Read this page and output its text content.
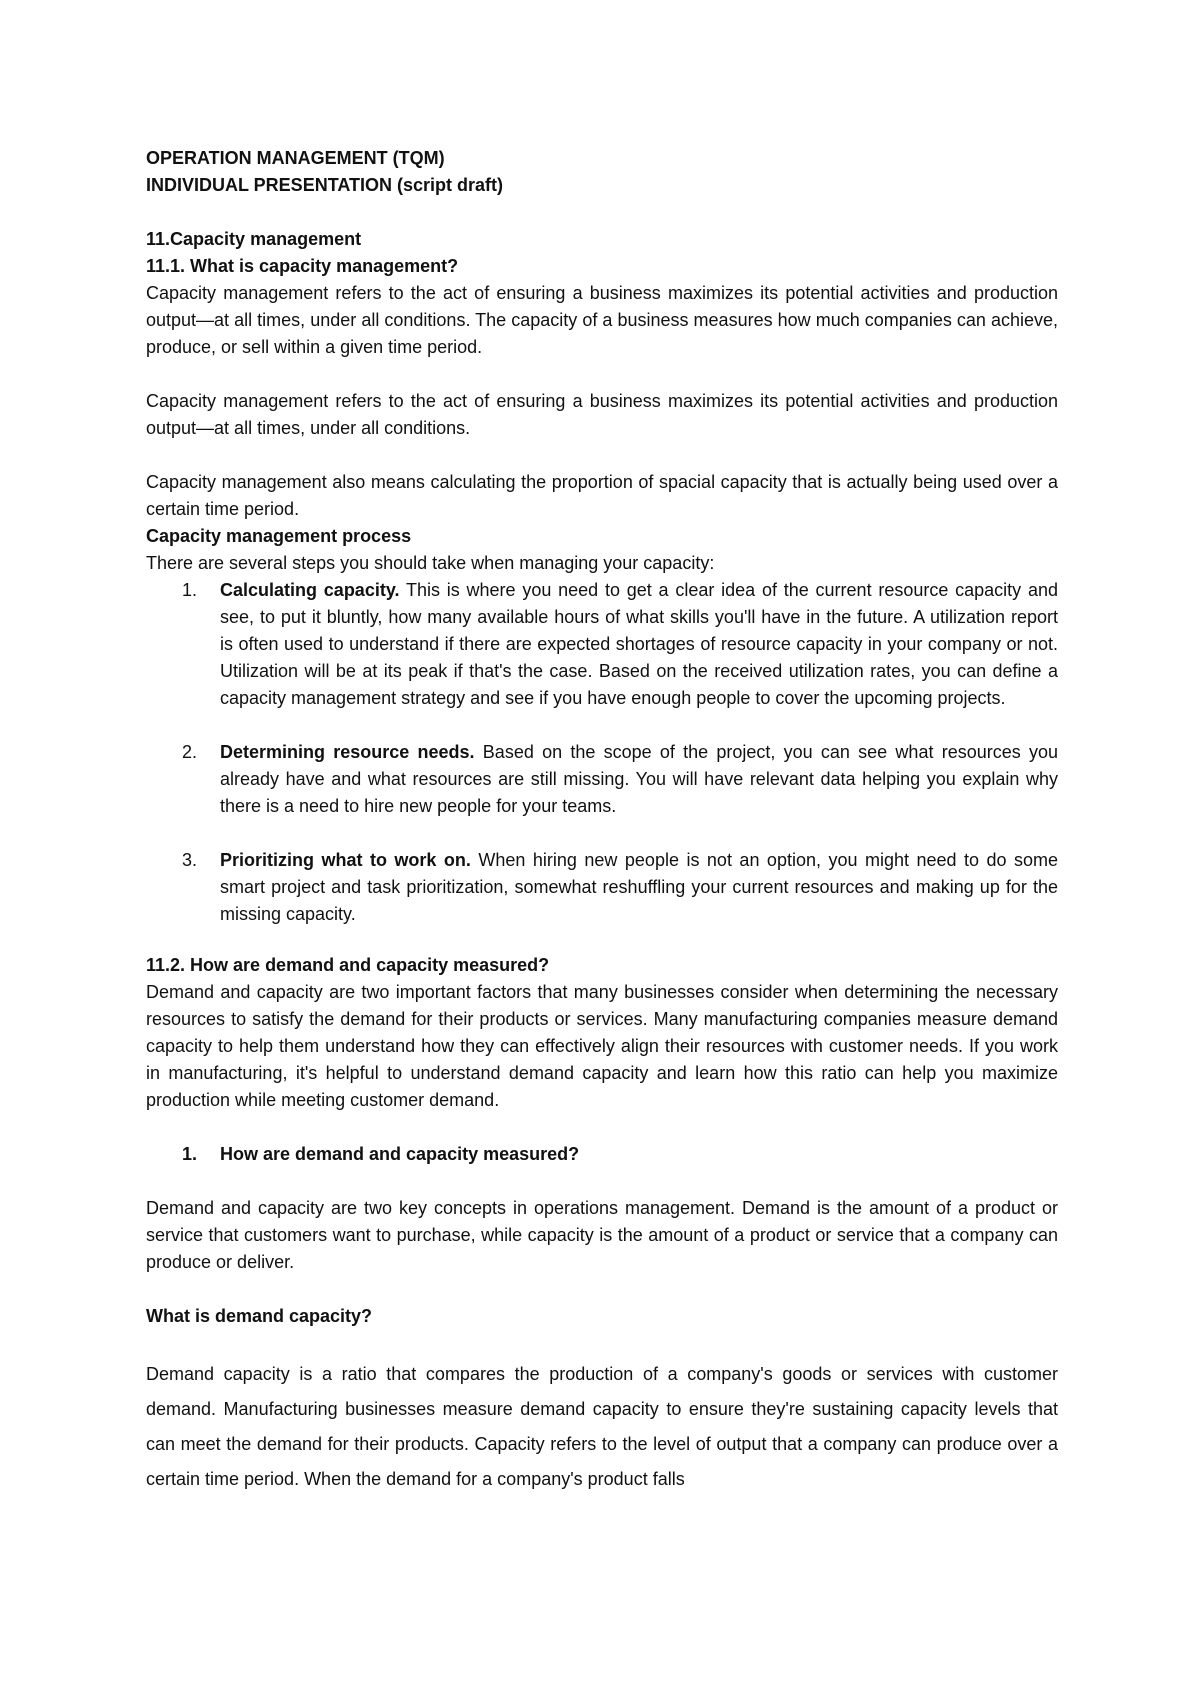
OPERATION MANAGEMENT (TQM)

INDIVIDUAL PRESENTATION (script draft)

11.Capacity management

11.1. What is capacity management?

Capacity management refers to the act of ensuring a business maximizes its potential activities and production output—at all times, under all conditions. The capacity of a business measures how much companies can achieve, produce, or sell within a given time period.

Capacity management refers to the act of ensuring a business maximizes its potential activities and production output—at all times, under all conditions.

Capacity management also means calculating the proportion of spacial capacity that is actually being used over a certain time period.

Capacity management process

There are several steps you should take when managing your capacity:

1. Calculating capacity. This is where you need to get a clear idea of the current resource capacity and see, to put it bluntly, how many available hours of what skills you'll have in the future. A utilization report is often used to understand if there are expected shortages of resource capacity in your company or not. Utilization will be at its peak if that's the case. Based on the received utilization rates, you can define a capacity management strategy and see if you have enough people to cover the upcoming projects.
2. Determining resource needs. Based on the scope of the project, you can see what resources you already have and what resources are still missing. You will have relevant data helping you explain why there is a need to hire new people for your teams.
3. Prioritizing what to work on. When hiring new people is not an option, you might need to do some smart project and task prioritization, somewhat reshuffling your current resources and making up for the missing capacity.

11.2. How are demand and capacity measured?

Demand and capacity are two important factors that many businesses consider when determining the necessary resources to satisfy the demand for their products or services. Many manufacturing companies measure demand capacity to help them understand how they can effectively align their resources with customer needs. If you work in manufacturing, it's helpful to understand demand capacity and learn how this ratio can help you maximize production while meeting customer demand.

1. How are demand and capacity measured?

Demand and capacity are two key concepts in operations management. Demand is the amount of a product or service that customers want to purchase, while capacity is the amount of a product or service that a company can produce or deliver.

What is demand capacity?

Demand capacity is a ratio that compares the production of a company's goods or services with customer demand. Manufacturing businesses measure demand capacity to ensure they're sustaining capacity levels that can meet the demand for their products. Capacity refers to the level of output that a company can produce over a certain time period. When the demand for a company's product falls
